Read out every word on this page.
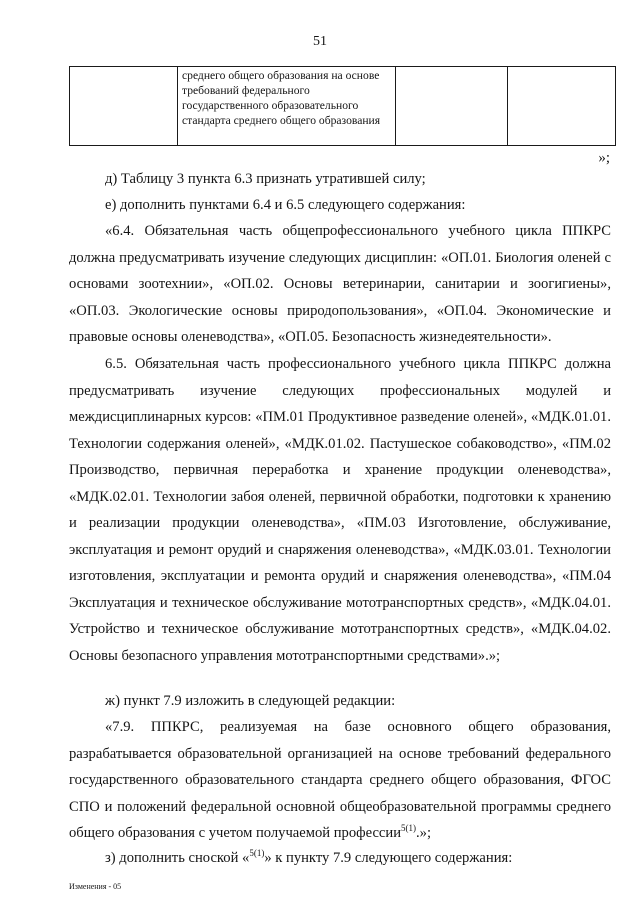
51

среднего общего образования на основе требований федерального государственного образовательного стандарта среднего общего образования

»;
д) Таблицу 3 пункта 6.3 признать утратившей силу;
е) дополнить пунктами 6.4 и 6.5 следующего содержания:
«6.4. Обязательная часть общепрофессионального учебного цикла ППКРС должна предусматривать изучение следующих дисциплин: «ОП.01. Биология оленей с основами зоотехнии», «ОП.02. Основы ветеринарии, санитарии и зоогигиены», «ОП.03. Экологические основы природопользования», «ОП.04. Экономические и правовые основы оленеводства», «ОП.05. Безопасность жизнедеятельности».
6.5. Обязательная часть профессионального учебного цикла ППКРС должна предусматривать изучение следующих профессиональных модулей и междисциплинарных курсов: «ПМ.01 Продуктивное разведение оленей», «МДК.01.01. Технологии содержания оленей», «МДК.01.02. Пастушеское собаководство», «ПМ.02 Производство, первичная переработка и хранение продукции оленеводства», «МДК.02.01. Технологии забоя оленей, первичной обработки, подготовки к хранению и реализации продукции оленеводства», «ПМ.03 Изготовление, обслуживание, эксплуатация и ремонт орудий и снаряжения оленеводства», «МДК.03.01. Технологии изготовления, эксплуатации и ремонта орудий и снаряжения оленеводства», «ПМ.04 Эксплуатация и техническое обслуживание мототранспортных средств», «МДК.04.01. Устройство и техническое обслуживание мототранспортных средств», «МДК.04.02. Основы безопасного управления мототранспортными средствами».»;
ж) пункт 7.9 изложить в следующей редакции:
«7.9. ППКРС, реализуемая на базе основного общего образования, разрабатывается образовательной организацией на основе требований федерального государственного образовательного стандарта среднего общего образования, ФГОС СПО и положений федеральной основной общеобразовательной программы среднего общего образования с учетом получаемой профессии$^{5(1)}$.»;
з) дополнить сноской «$^{5(1)}$» к пункту 7.9 следующего содержания:
Изменения - 05
